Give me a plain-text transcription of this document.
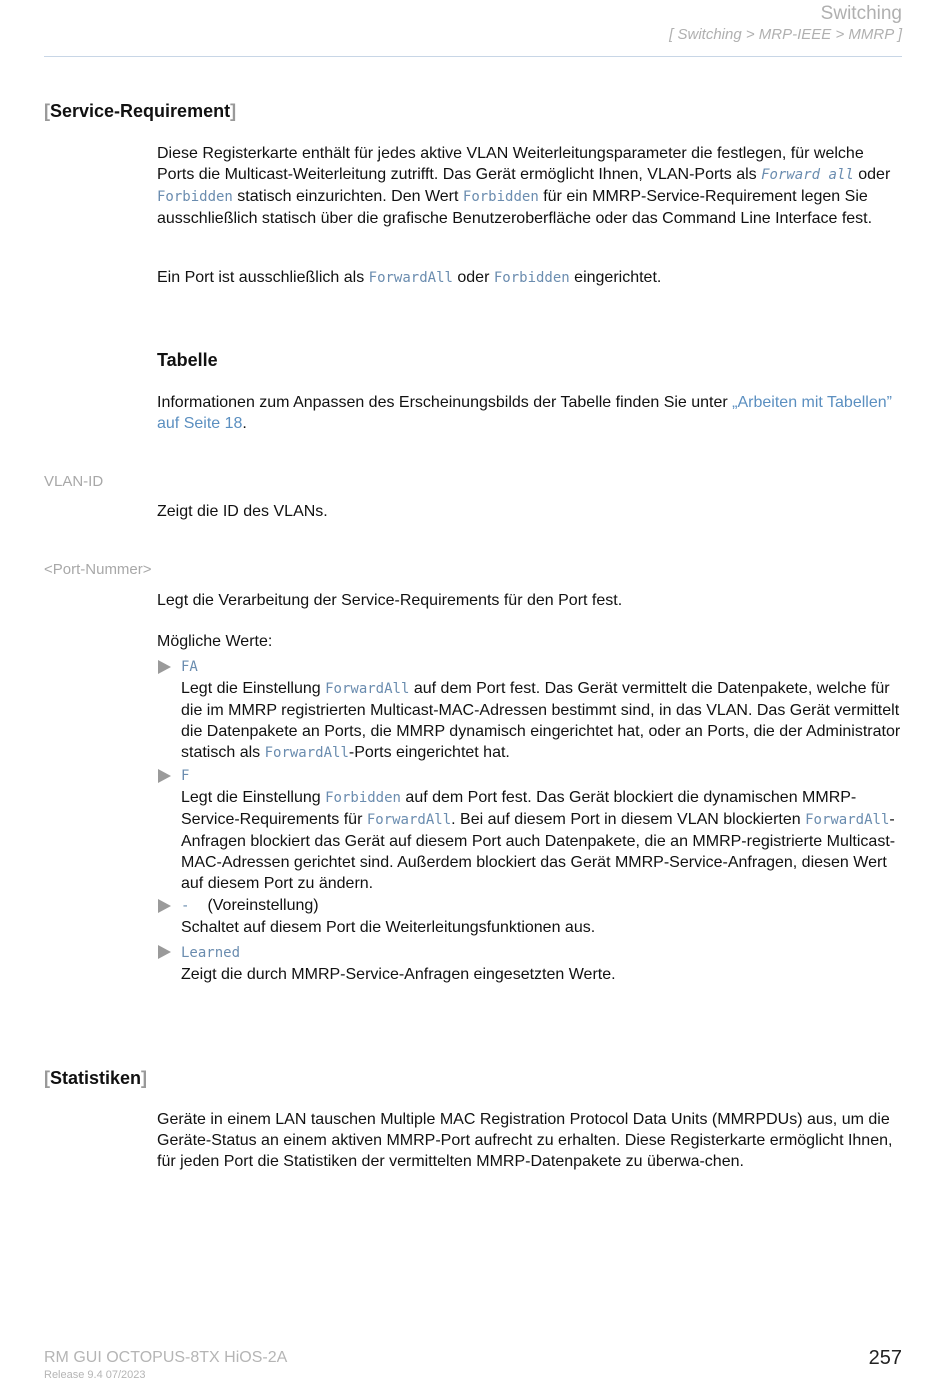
Switching
[ Switching > MRP-IEEE > MMRP ]
[Service-Requirement]
Diese Registerkarte enthält für jedes aktive VLAN Weiterleitungsparameter die festlegen, für welche Ports die Multicast-Weiterleitung zutrifft. Das Gerät ermöglicht Ihnen, VLAN-Ports als Forward all oder Forbidden statisch einzurichten. Den Wert Forbidden für ein MMRP-Service-Requirement legen Sie ausschließlich statisch über die grafische Benutzeroberfläche oder das Command Line Interface fest.
Ein Port ist ausschließlich als ForwardAll oder Forbidden eingerichtet.
Tabelle
Informationen zum Anpassen des Erscheinungsbilds der Tabelle finden Sie unter „Arbeiten mit Tabellen” auf Seite 18.
VLAN-ID
Zeigt die ID des VLANs.
<Port-Nummer>
Legt die Verarbeitung der Service-Requirements für den Port fest.
Mögliche Werte:
FA
Legt die Einstellung ForwardAll auf dem Port fest. Das Gerät vermittelt die Datenpakete, welche für die im MMRP registrierten Multicast-MAC-Adressen bestimmt sind, in das VLAN. Das Gerät vermittelt die Datenpakete an Ports, die MMRP dynamisch eingerichtet hat, oder an Ports, die der Administrator statisch als ForwardAll-Ports eingerichtet hat.
F
Legt die Einstellung Forbidden auf dem Port fest. Das Gerät blockiert die dynamischen MMRP-Service-Requirements für ForwardAll. Bei auf diesem Port in diesem VLAN blockierten ForwardAll-Anfragen blockiert das Gerät auf diesem Port auch Datenpakete, die an MMRP-registrierte Multicast-MAC-Adressen gerichtet sind. Außerdem blockiert das Gerät MMRP-Service-Anfragen, diesen Wert auf diesem Port zu ändern.
- (Voreinstellung)
Schaltet auf diesem Port die Weiterleitungsfunktionen aus.
Learned
Zeigt die durch MMRP-Service-Anfragen eingesetzten Werte.
[Statistiken]
Geräte in einem LAN tauschen Multiple MAC Registration Protocol Data Units (MMRPDUs) aus, um die Geräte-Status an einem aktiven MMRP-Port aufrecht zu erhalten. Diese Registerkarte ermöglicht Ihnen, für jeden Port die Statistiken der vermittelten MMRP-Datenpakete zu überwa-chen.
RM GUI OCTOPUS-8TX HiOS-2A
Release 9.4 07/2023
257
